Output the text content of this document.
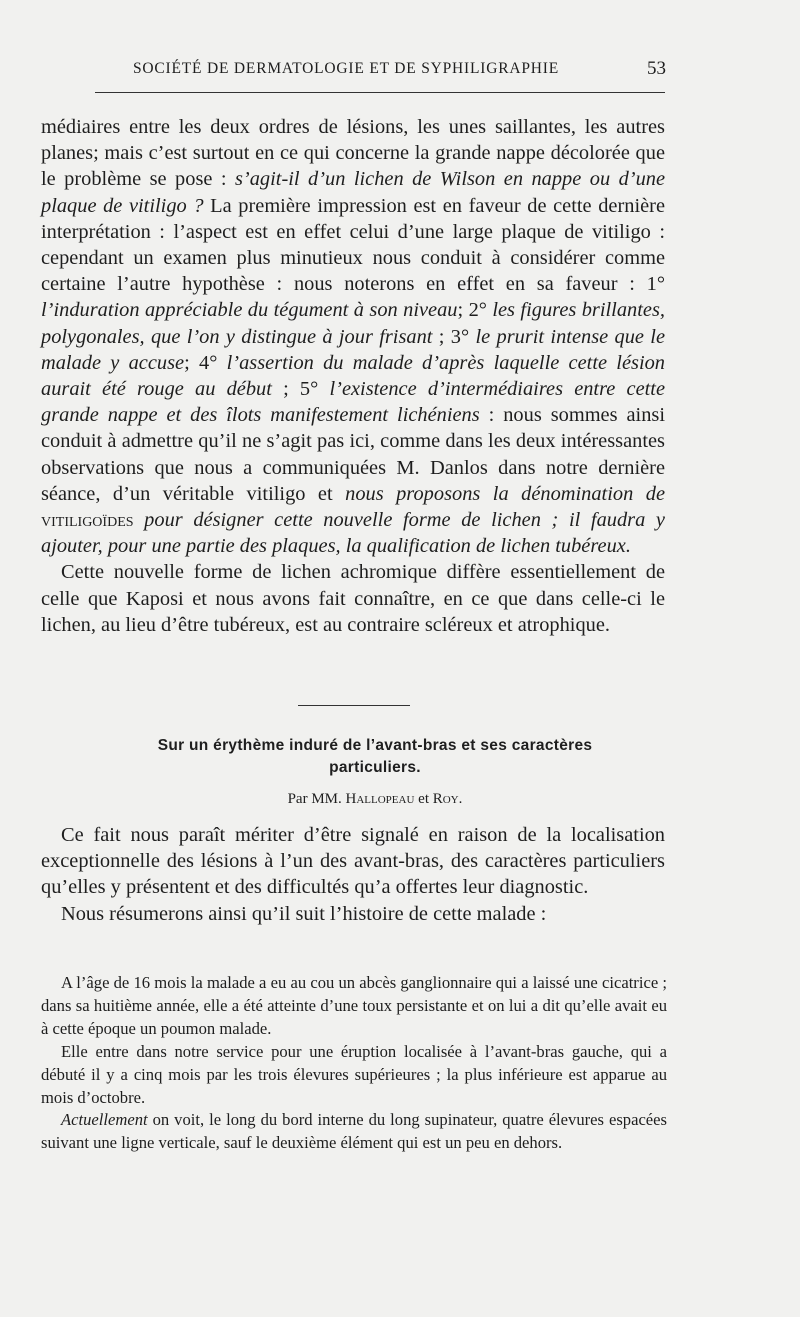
SOCIÉTÉ DE DERMATOLOGIE ET DE SYPHILIGRAPHIE	53

médiaires entre les deux ordres de lésions, les unes saillantes, les autres planes; mais c’est surtout en ce qui concerne la grande nappe décolorée que le problème se pose : s’agit-il d’un lichen de Wilson en nappe ou d’une plaque de vitiligo ? La première impression est en faveur de cette dernière interprétation : l’aspect est en effet celui d’une large plaque de vitiligo : cependant un examen plus minutieux nous conduit à considérer comme certaine l’autre hypothèse : nous noterons en effet en sa faveur : 1° l’induration appréciable du tégument à son niveau; 2° les figures brillantes, polygonales, que l’on y distingue à jour frisant ; 3° le prurit intense que le malade y accuse; 4° l’assertion du malade d’après laquelle cette lésion aurait été rouge au début ; 5° l’existence d’intermédiaires entre cette grande nappe et des îlots manifestement lichéniens : nous sommes ainsi conduit à admettre qu’il ne s’agit pas ici, comme dans les deux intéressantes observations que nous a communiquées M. Danlos dans notre dernière séance, d’un véritable vitiligo et nous proposons la dénomination de vitiligoïdes pour désigner cette nouvelle forme de lichen ; il faudra y ajouter, pour une partie des plaques, la qualification de lichen tubéreux.

Cette nouvelle forme de lichen achromique diffère essentiellement de celle que Kaposi et nous avons fait connaître, en ce que dans celle-ci le lichen, au lieu d’être tubéreux, est au contraire scléreux et atrophique.

Sur un érythème induré de l’avant-bras et ses caractères
particuliers.
Par MM. Hallopeau et Roy.

Ce fait nous paraît mériter d’être signalé en raison de la localisation exceptionnelle des lésions à l’un des avant-bras, des caractères particuliers qu’elles y présentent et des difficultés qu’a offertes leur diagnostic.

Nous résumerons ainsi qu’il suit l’histoire de cette malade :

A l’âge de 16 mois la malade a eu au cou un abcès ganglionnaire qui a laissé une cicatrice ; dans sa huitième année, elle a été atteinte d’une toux persistante et on lui a dit qu’elle avait eu à cette époque un poumon malade.

Elle entre dans notre service pour une éruption localisée à l’avant-bras gauche, qui a débuté il y a cinq mois par les trois élevures supérieures ; la plus inférieure est apparue au mois d’octobre.

Actuellement on voit, le long du bord interne du long supinateur, quatre élevures espacées suivant une ligne verticale, sauf le deuxième élément qui est un peu en dehors.
